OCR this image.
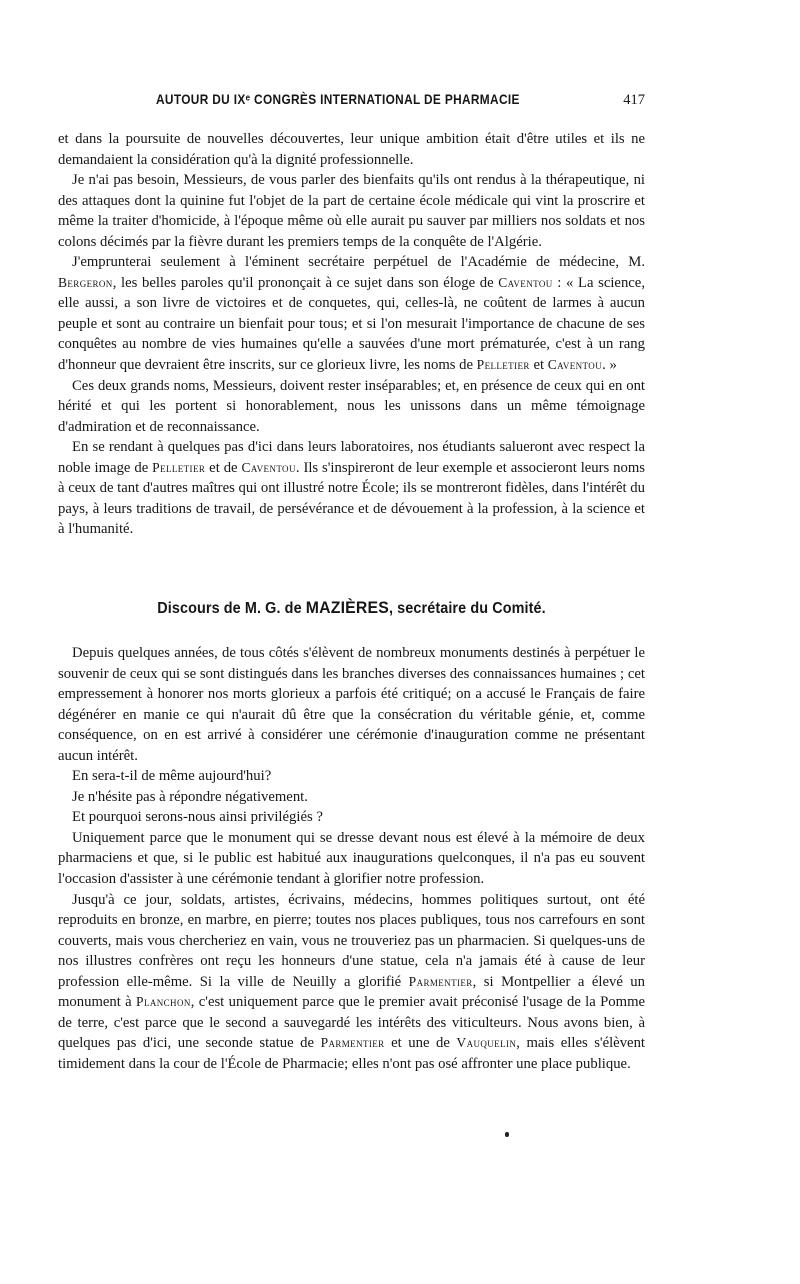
AUTOUR DU IXᵉ CONGRÈS INTERNATIONAL DE PHARMACIE	417

et dans la poursuite de nouvelles découvertes, leur unique ambition était d'être utiles et ils ne demandaient la considération qu'à la dignité professionnelle.

Je n'ai pas besoin, Messieurs, de vous parler des bienfaits qu'ils ont rendus à la thérapeutique, ni des attaques dont la quinine fut l'objet de la part de certaine école médicale qui vint la proscrire et même la traiter d'homicide, à l'époque même où elle aurait pu sauver par milliers nos soldats et nos colons décimés par la fièvre durant les premiers temps de la conquête de l'Algérie.

J'emprunterai seulement à l'éminent secrétaire perpétuel de l'Académie de médecine, M. Bergeron, les belles paroles qu'il prononçait à ce sujet dans son éloge de Caventou : « La science, elle aussi, a son livre de victoires et de conquetes, qui, celles-là, ne coûtent de larmes à aucun peuple et sont au contraire un bienfait pour tous; et si l'on mesurait l'importance de chacune de ses conquêtes au nombre de vies humaines qu'elle a sauvées d'une mort prématurée, c'est à un rang d'honneur que devraient être inscrits, sur ce glorieux livre, les noms de Pelletier et Caventou. »

Ces deux grands noms, Messieurs, doivent rester inséparables; et, en présence de ceux qui en ont hérité et qui les portent si honorablement, nous les unissons dans un même témoignage d'admiration et de reconnaissance.

En se rendant à quelques pas d'ici dans leurs laboratoires, nos étudiants salueront avec respect la noble image de Pelletier et de Caventou. Ils s'inspireront de leur exemple et associeront leurs noms à ceux de tant d'autres maîtres qui ont illustré notre École; ils se montreront fidèles, dans l'intérêt du pays, à leurs traditions de travail, de persévérance et de dévouement à la profession, à la science et à l'humanité.

Discours de M. G. de MAZIÈRES, secrétaire du Comité.

Depuis quelques années, de tous côtés s'élèvent de nombreux monuments destinés à perpétuer le souvenir de ceux qui se sont distingués dans les branches diverses des connaissances humaines ; cet empressement à honorer nos morts glorieux a parfois été critiqué; on a accusé le Français de faire dégénérer en manie ce qui n'aurait dû être que la consécration du véritable génie, et, comme conséquence, on en est arrivé à considérer une cérémonie d'inauguration comme ne présentant aucun intérêt.

En sera-t-il de même aujourd'hui?

Je n'hésite pas à répondre négativement.

Et pourquoi serons-nous ainsi privilégiés ?

Uniquement parce que le monument qui se dresse devant nous est élevé à la mémoire de deux pharmaciens et que, si le public est habitué aux inaugurations quelconques, il n'a pas eu souvent l'occasion d'assister à une cérémonie tendant à glorifier notre profession.

Jusqu'à ce jour, soldats, artistes, écrivains, médecins, hommes politiques surtout, ont été reproduits en bronze, en marbre, en pierre; toutes nos places publiques, tous nos carrefours en sont couverts, mais vous chercheriez en vain, vous ne trouveriez pas un pharmacien. Si quelques-uns de nos illustres confrères ont reçu les honneurs d'une statue, cela n'a jamais été à cause de leur profession elle-même. Si la ville de Neuilly a glorifié Parmentier, si Montpellier a élevé un monument à Planchon, c'est uniquement parce que le premier avait préconisé l'usage de la Pomme de terre, c'est parce que le second a sauvegardé les intérêts des viticulteurs. Nous avons bien, à quelques pas d'ici, une seconde statue de Parmentier et une de Vauquelin, mais elles s'élèvent timidement dans la cour de l'École de Pharmacie; elles n'ont pas osé affronter une place publique.
